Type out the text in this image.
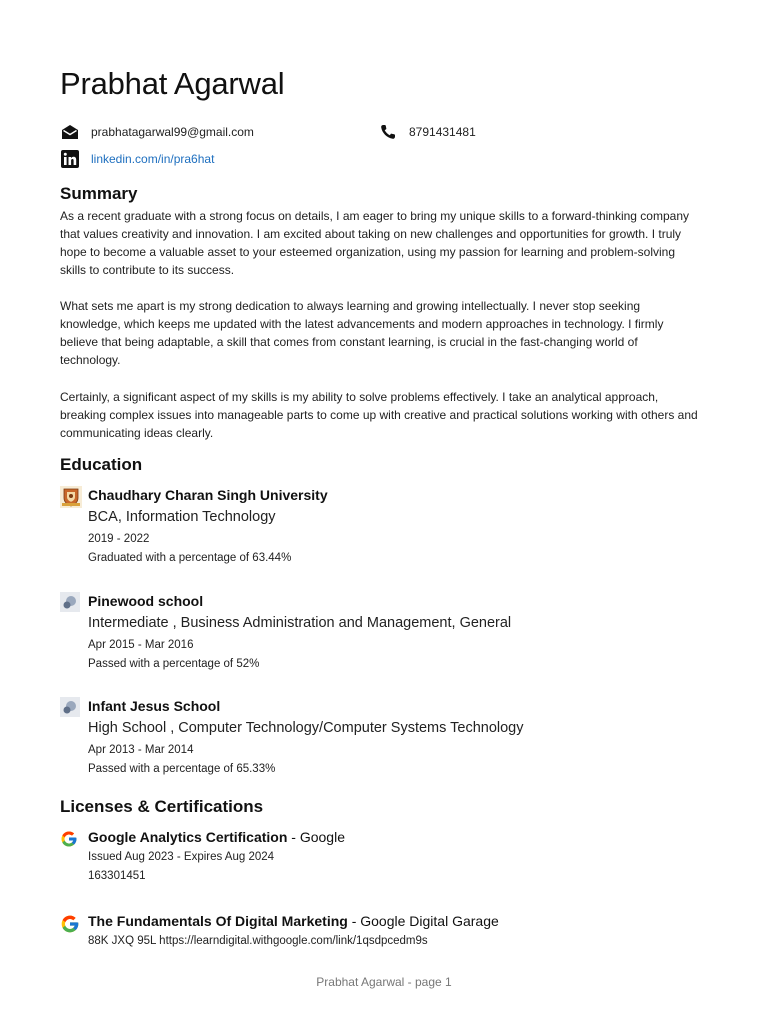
Prabhat Agarwal
prabhatagarwal99@gmail.com	8791431481
linkedin.com/in/pra6hat
Summary

As a recent graduate with a strong focus on details, I am eager to bring my unique skills to a forward-thinking company that values creativity and innovation. I am excited about taking on new challenges and opportunities for growth. I truly hope to become a valuable asset to your esteemed organization, using my passion for learning and problem-solving skills to contribute to its success.

What sets me apart is my strong dedication to always learning and growing intellectually. I never stop seeking knowledge, which keeps me updated with the latest advancements and modern approaches in technology. I firmly believe that being adaptable, a skill that comes from constant learning, is crucial in the fast-changing world of technology.

Certainly, a significant aspect of my skills is my ability to solve problems effectively. I take an analytical approach, breaking complex issues into manageable parts to come up with creative and practical solutions working with others and communicating ideas clearly.

Education
Chaudhary Charan Singh University
BCA, Information Technology
2019 - 2022
Graduated with a percentage of 63.44%
Pinewood school
Intermediate , Business Administration and Management, General
Apr 2015 - Mar 2016
Passed with a percentage of 52%
Infant Jesus School
High School , Computer Technology/Computer Systems Technology
Apr 2013 - Mar 2014
Passed with a percentage of 65.33%
Licenses & Certifications
Google Analytics Certification - Google
Issued Aug 2023 - Expires Aug 2024
163301451
The Fundamentals Of Digital Marketing - Google Digital Garage
88K JXQ 95L https://learndigital.withgoogle.com/link/1qsdpcedm9s
Prabhat Agarwal - page 1
